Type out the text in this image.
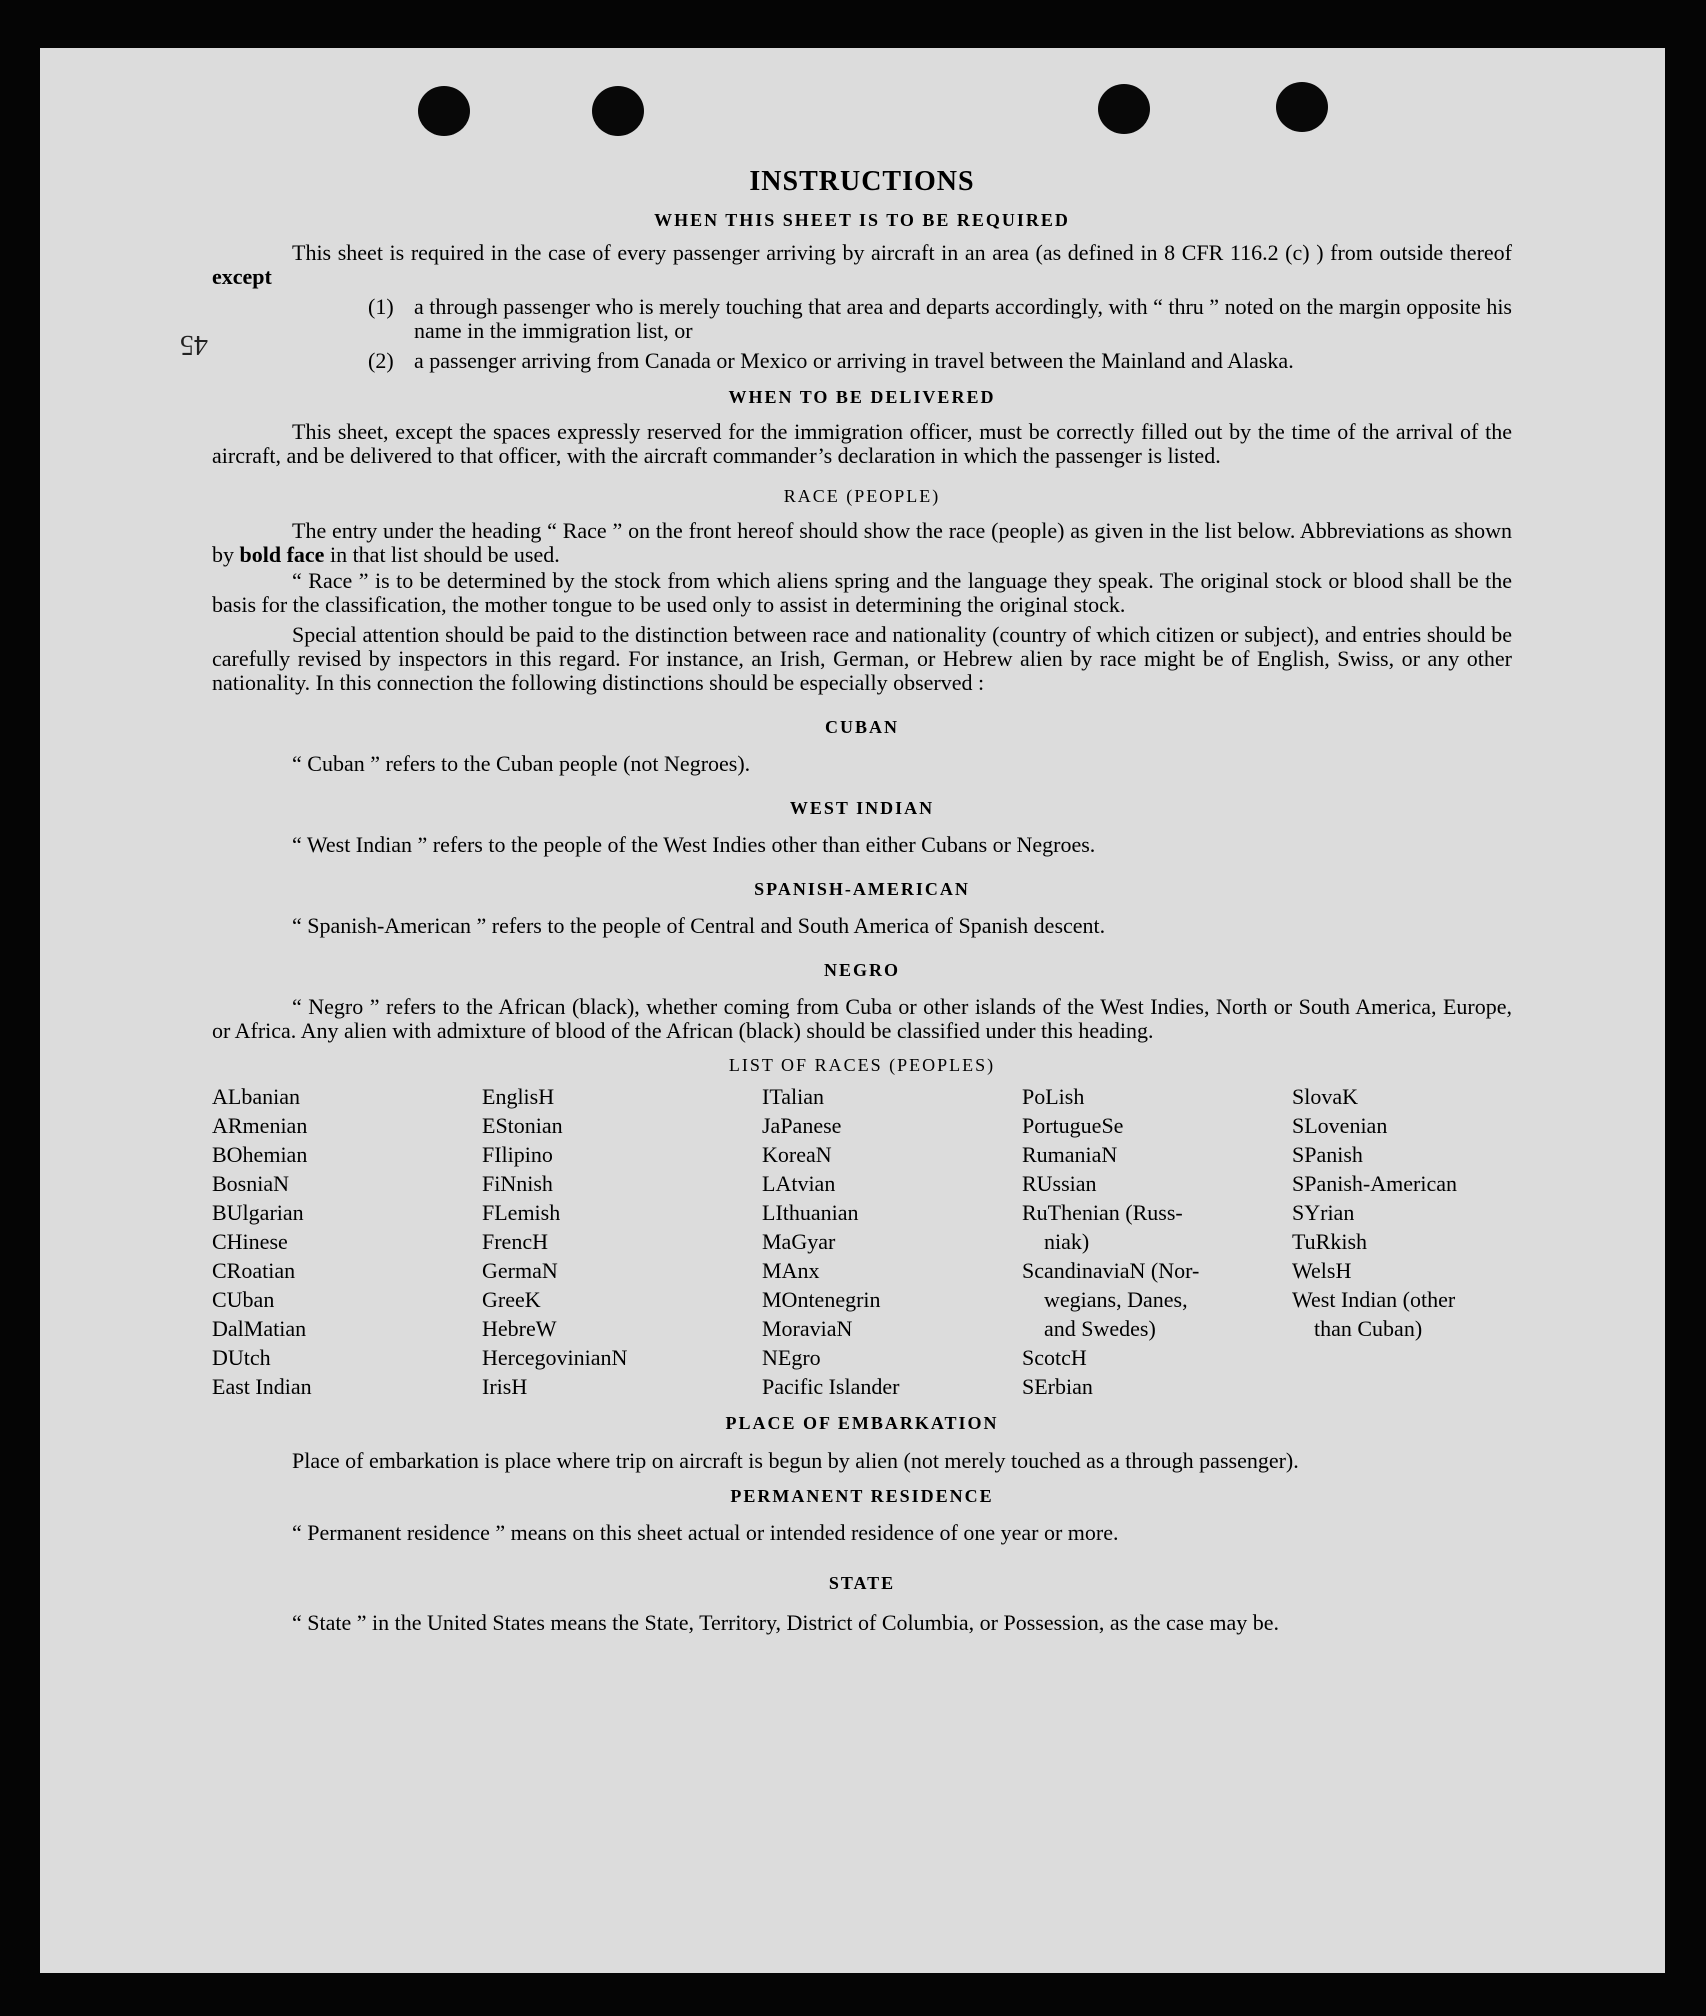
45
INSTRUCTIONS
WHEN THIS SHEET IS TO BE REQUIRED

This sheet is required in the case of every passenger arriving by aircraft in an area (as defined in 8 CFR 116.2 (c) ) from outside thereof except

(1) a through passenger who is merely touching that area and departs accordingly, with “ thru ” noted on the margin opposite his name in the immigration list, or
(2) a passenger arriving from Canada or Mexico or arriving in travel between the Mainland and Alaska.
WHEN TO BE DELIVERED

This sheet, except the spaces expressly reserved for the immigration officer, must be correctly filled out by the time of the arrival of the aircraft, and be delivered to that officer, with the aircraft commander’s declaration in which the passenger is listed.

RACE (PEOPLE)

The entry under the heading “ Race ” on the front hereof should show the race (people) as given in the list below. Abbreviations as shown by bold face in that list should be used.

“ Race ” is to be determined by the stock from which aliens spring and the language they speak. The original stock or blood shall be the basis for the classification, the mother tongue to be used only to assist in determining the original stock.

Special attention should be paid to the distinction between race and nationality (country of which citizen or subject), and entries should be carefully revised by inspectors in this regard. For instance, an Irish, German, or Hebrew alien by race might be of English, Swiss, or any other nationality. In this connection the following distinctions should be especially observed :

CUBAN

“ Cuban ” refers to the Cuban people (not Negroes).

WEST INDIAN

“ West Indian ” refers to the people of the West Indies other than either Cubans or Negroes.

SPANISH-AMERICAN

“ Spanish-American ” refers to the people of Central and South America of Spanish descent.

NEGRO

“ Negro ” refers to the African (black), whether coming from Cuba or other islands of the West Indies, North or South America, Europe, or Africa. Any alien with admixture of blood of the African (black) should be classified under this heading.

LIST OF RACES (PEOPLES)
ALbanian
ARmenian
BOhemian
BosniaN
BUlgarian
CHinese
CRoatian
CUban
DalMatian
DUtch
East Indian
EnglisH
EStonian
FIlipino
FiNnish
FLemish
FrencH
GermaN
GreeK
HebreW
HercegovinianN
IrisH
ITalian
JaPanese
KoreaN
LAtvian
LIthuanian
MaGyar
MAnx
MOntenegrin
MoraviaN
NEgro
Pacific Islander
PoLish
PortugueSe
RumaniaN
RUssian
RuThenian (Russ-
niak)
ScandinaviaN (Nor-
wegians, Danes,
and Swedes)
ScotcH
SErbian
SlovaK
SLovenian
SPanish
SPanish-American
SYrian
TuRkish
WelsH
West Indian (other
than Cuban)
PLACE OF EMBARKATION

Place of embarkation is place where trip on aircraft is begun by alien (not merely touched as a through passenger).

PERMANENT RESIDENCE

“ Permanent residence ” means on this sheet actual or intended residence of one year or more.

STATE

“ State ” in the United States means the State, Territory, District of Columbia, or Possession, as the case may be.
